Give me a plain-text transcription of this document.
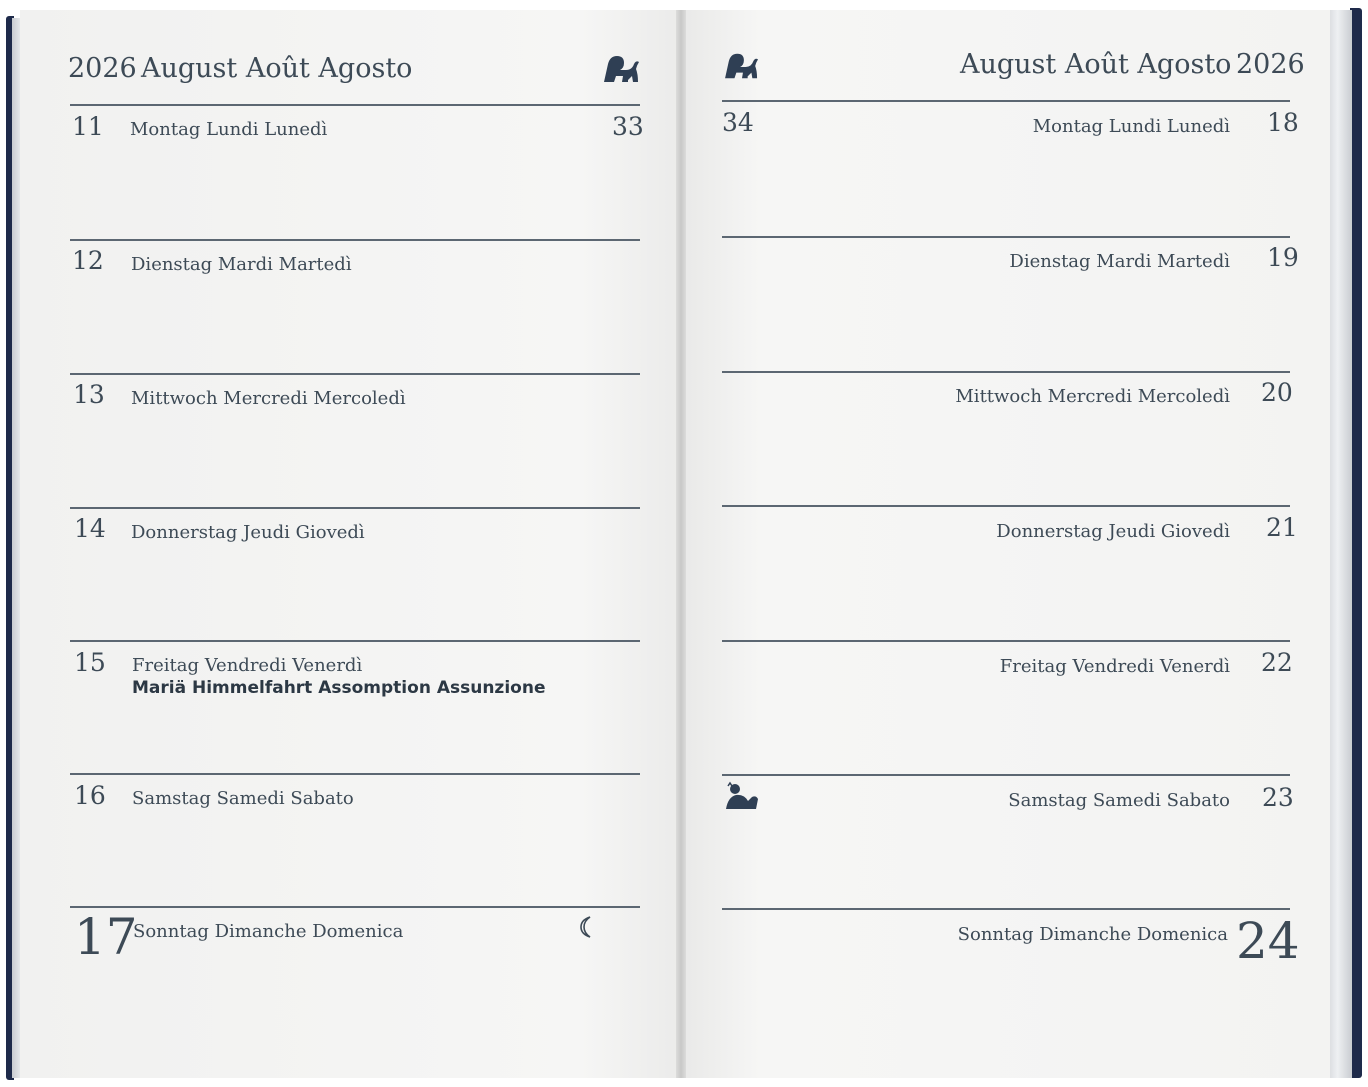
2026 August Août Agosto
33
11 Montag Lundi Lunedì
12 Dienstag Mardi Martedì
13 Mittwoch Mercredi Mercoledì
14 Donnerstag Jeudi Giovedì
15 Freitag Vendredi Venerdì
Mariä Himmelfahrt Assomption Assunzione
16 Samstag Samedi Sabato
17
Sonntag Dimanche Domenica
August Août Agosto 2026
34	Montag Lundi Lunedì 18
Dienstag Mardi Martedì 19
Mittwoch Mercredi Mercoledì 20
Donnerstag Jeudi Giovedì 21
Freitag Vendredi Venerdì 22
Samstag Samedi Sabato 23
Sonntag Dimanche Domenica 24
